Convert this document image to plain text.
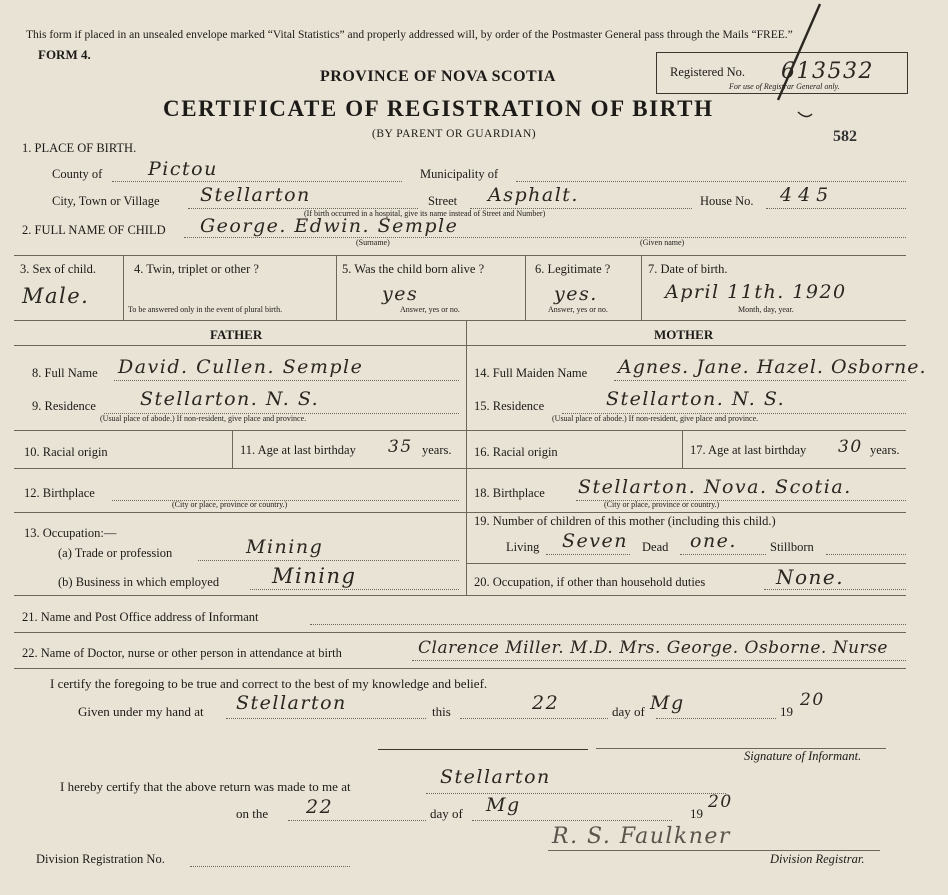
This form if placed in an unsealed envelope marked “Vital Statistics” and properly addressed will, by order of the Postmaster General pass through the Mails “FREE.”
FORM 4.
PROVINCE OF NOVA SCOTIA
CERTIFICATE OF REGISTRATION OF BIRTH
(BY PARENT OR GUARDIAN)
Registered No. 613532
For use of Registrar General only.
582
1. PLACE OF BIRTH.
County of Pictou	Municipality of
City, Town or Village Stellarton	Street Asphalt.	House No. 445
(If birth occurred in a hospital, give its name instead of Street and Number)
2. FULL NAME OF CHILD George. Edwin. Semple
(Surname)	(Given name)
3. Sex of child.
Male.
4. Twin, triplet or other ?
To be answered only in the event of plural birth.
5. Was the child born alive ?
yes
Answer, yes or no.
6. Legitimate ?
yes.
Answer, yes or no.
7. Date of birth.
April 11th. 1920
Month, day, year.
FATHER	MOTHER
8. Full Name David. Cullen. Semple	14. Full Maiden Name Agnes. Jane. Hazel. Osborne.
9. Residence Stellarton. N. S.
(Usual place of abode.) If non-resident, give place and province.
15. Residence	Stellarton. N. S.
(Usual place of abode.) If non-resident, give place and province.
10. Racial origin	11. Age at last birthday 35 years. 16. Racial origin	17. Age at last birthday 30 years.
12. Birthplace
(City or place, province or country.)
18. Birthplace Stellarton. Nova. Scotia.
(City or place, province or country.)
13. Occupation:—
(a) Trade or profession	Mining
(b) Business in which employed	Mining
19. Number of children of this mother (including this child.)
Living Seven Dead one.	Stillborn
20. Occupation, if other than household duties	None.
21. Name and Post Office address of Informant
22. Name of Doctor, nurse or other person in attendance at birth	Clarence Miller. M.D. Mrs. George. Osborne. Nurse
I certify the foregoing to be true and correct to the best of my knowledge and belief.
Given under my hand at Stellarton	this	22	day of Mg	19
20
Signature of Informant.
I hereby certify that the above return was made to me at	Stellarton
on the 22	day of Mg	19
20
R. S. Faulkner
Division Registration No.	Division Registrar.
